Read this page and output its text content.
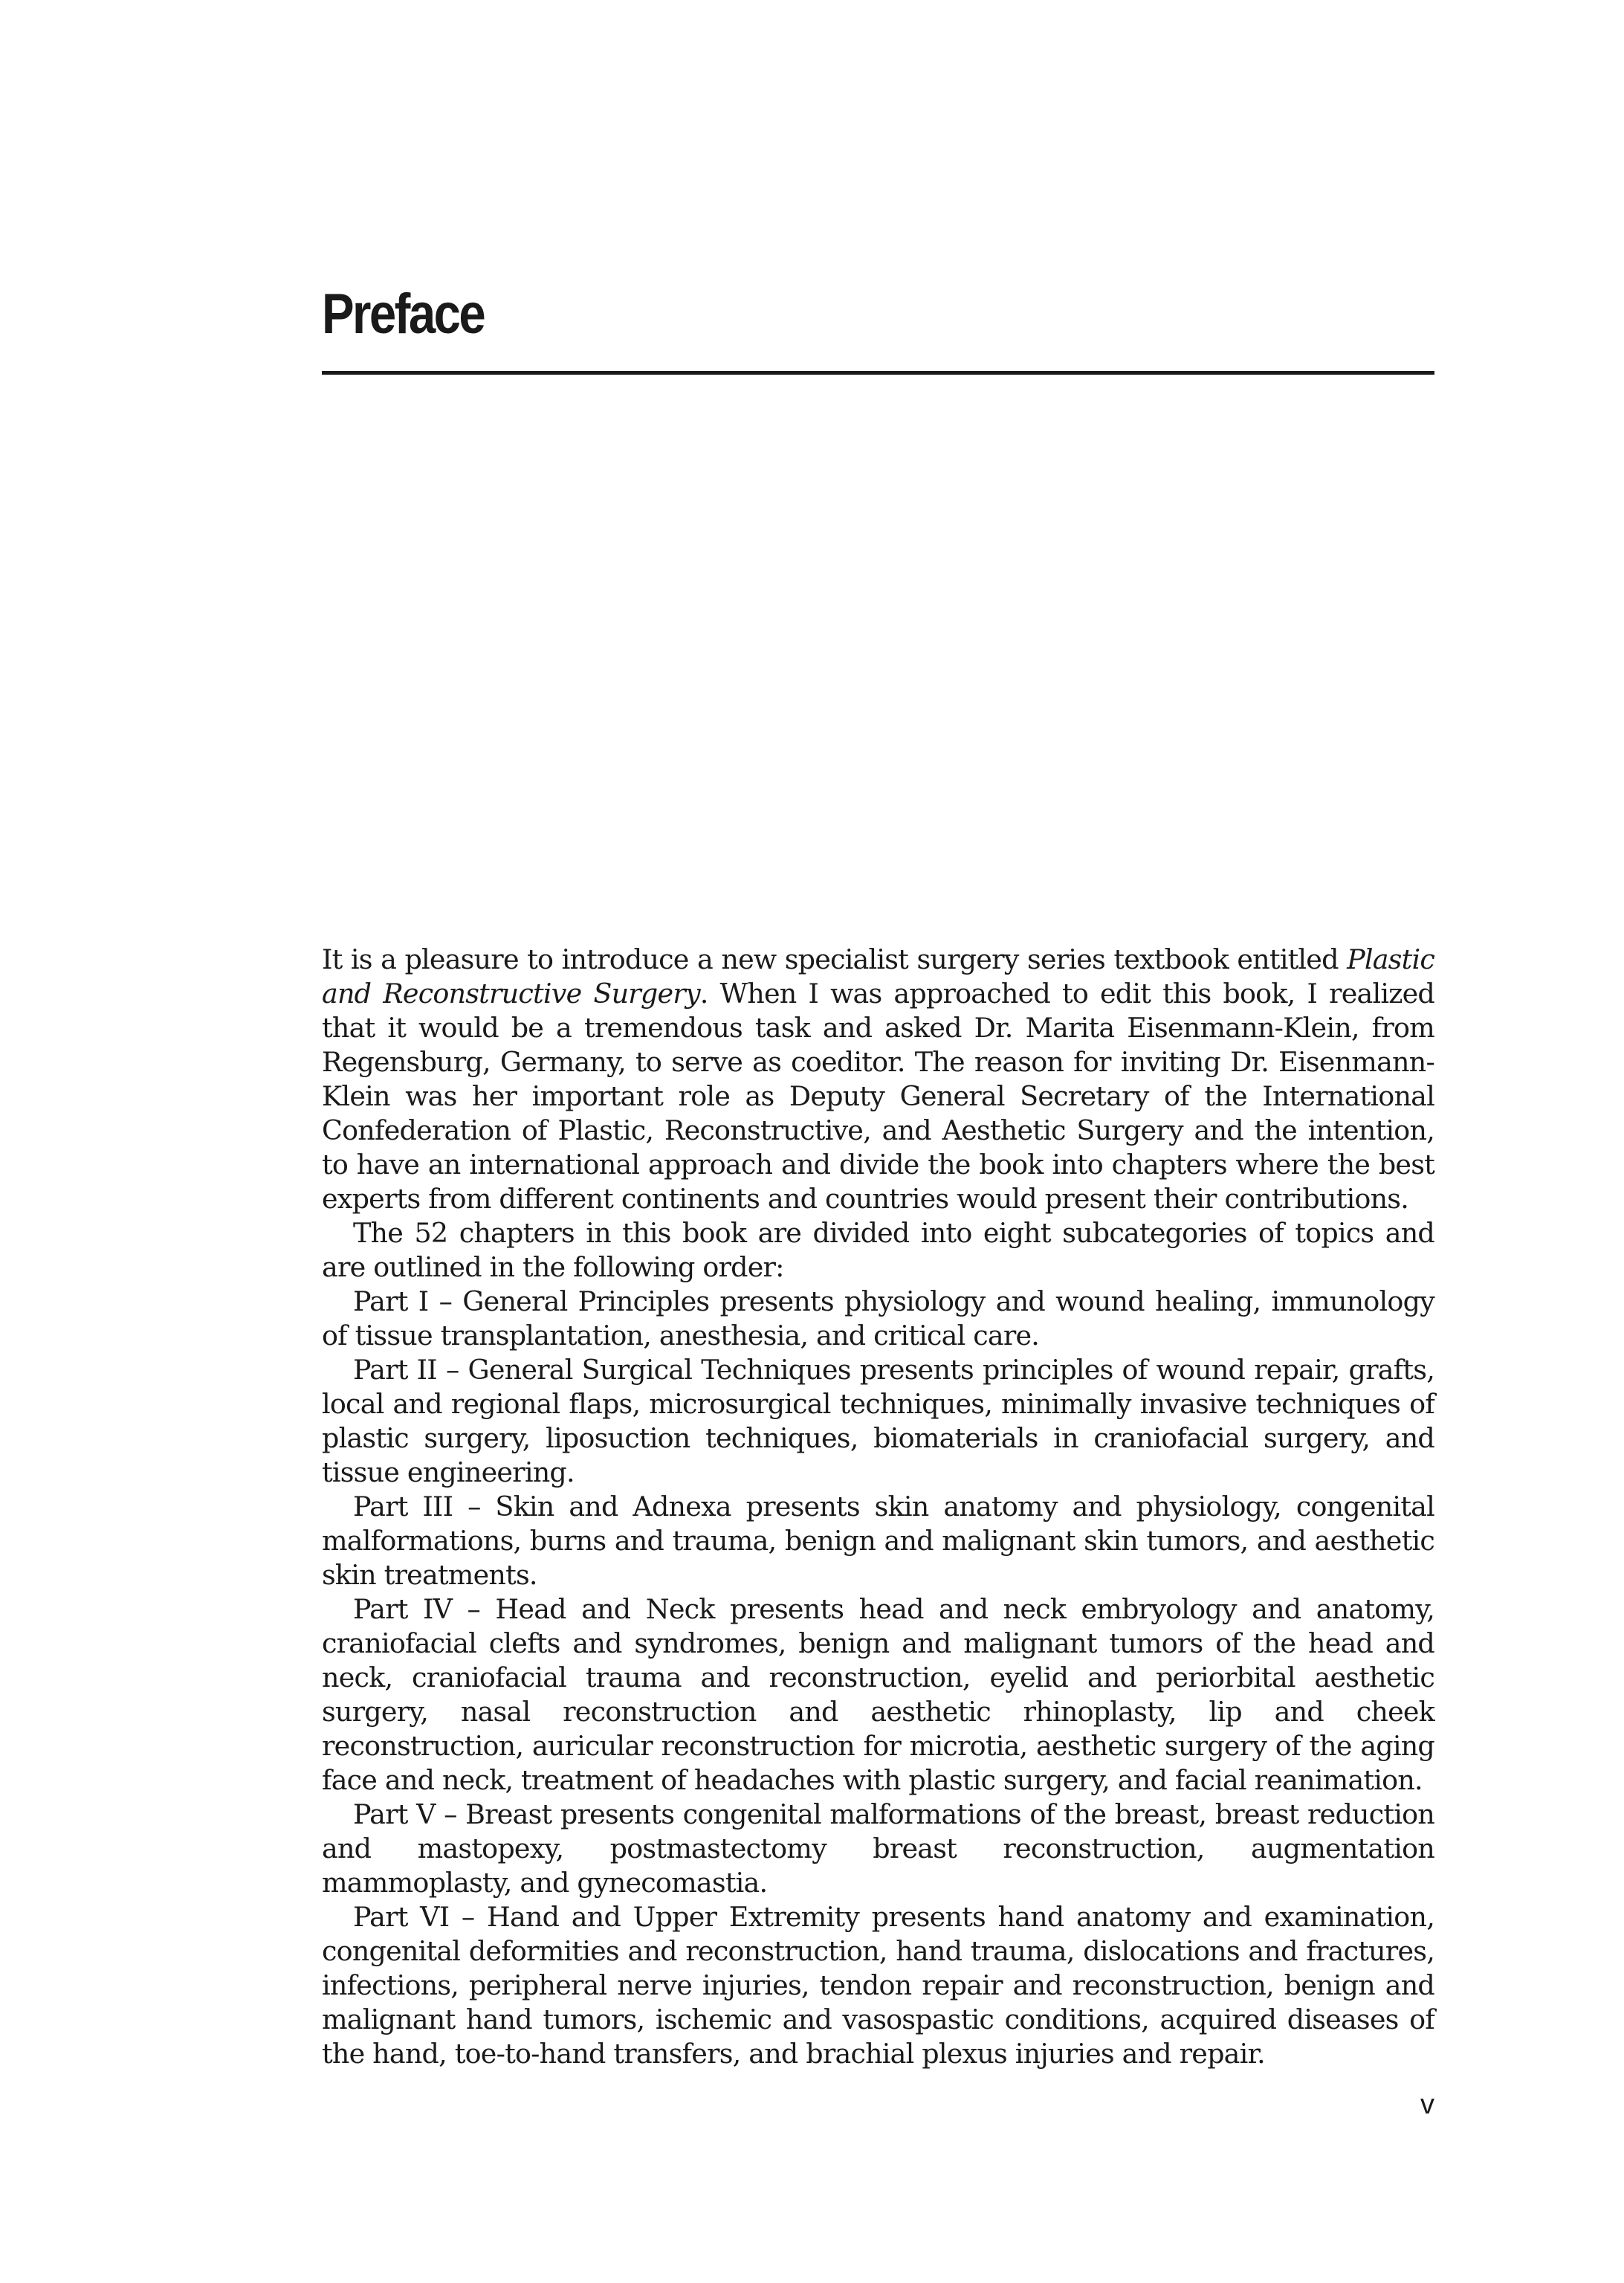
Preface

It is a pleasure to introduce a new specialist surgery series textbook entitled Plastic and Reconstructive Surgery. When I was approached to edit this book, I realized that it would be a tremendous task and asked Dr. Marita Eisenmann-Klein, from Regensburg, Germany, to serve as coeditor. The reason for inviting Dr. Eisenmann-Klein was her important role as Deputy General Secretary of the International Confederation of Plastic, Reconstructive, and Aesthetic Surgery and the intention, to have an international approach and divide the book into chapters where the best experts from different continents and countries would present their contributions.

The 52 chapters in this book are divided into eight subcategories of topics and are outlined in the following order:

Part I – General Principles presents physiology and wound healing, immunology of tissue transplantation, anesthesia, and critical care.

Part II – General Surgical Techniques presents principles of wound repair, grafts, local and regional flaps, microsurgical techniques, minimally invasive techniques of plastic surgery, liposuction techniques, biomaterials in craniofacial surgery, and tissue engineering.

Part III – Skin and Adnexa presents skin anatomy and physiology, congenital malformations, burns and trauma, benign and malignant skin tumors, and aesthetic skin treatments.

Part IV – Head and Neck presents head and neck embryology and anatomy, craniofacial clefts and syndromes, benign and malignant tumors of the head and neck, craniofacial trauma and reconstruction, eyelid and periorbital aesthetic surgery, nasal reconstruction and aesthetic rhinoplasty, lip and cheek reconstruction, auricular reconstruction for microtia, aesthetic surgery of the aging face and neck, treatment of headaches with plastic surgery, and facial reanimation.

Part V – Breast presents congenital malformations of the breast, breast reduction and mastopexy, postmastectomy breast reconstruction, augmentation mammoplasty, and gynecomastia.

Part VI – Hand and Upper Extremity presents hand anatomy and examination, congenital deformities and reconstruction, hand trauma, dislocations and fractures, infections, peripheral nerve injuries, tendon repair and reconstruction, benign and malignant hand tumors, ischemic and vasospastic conditions, acquired diseases of the hand, toe-to-hand transfers, and brachial plexus injuries and repair.

v
